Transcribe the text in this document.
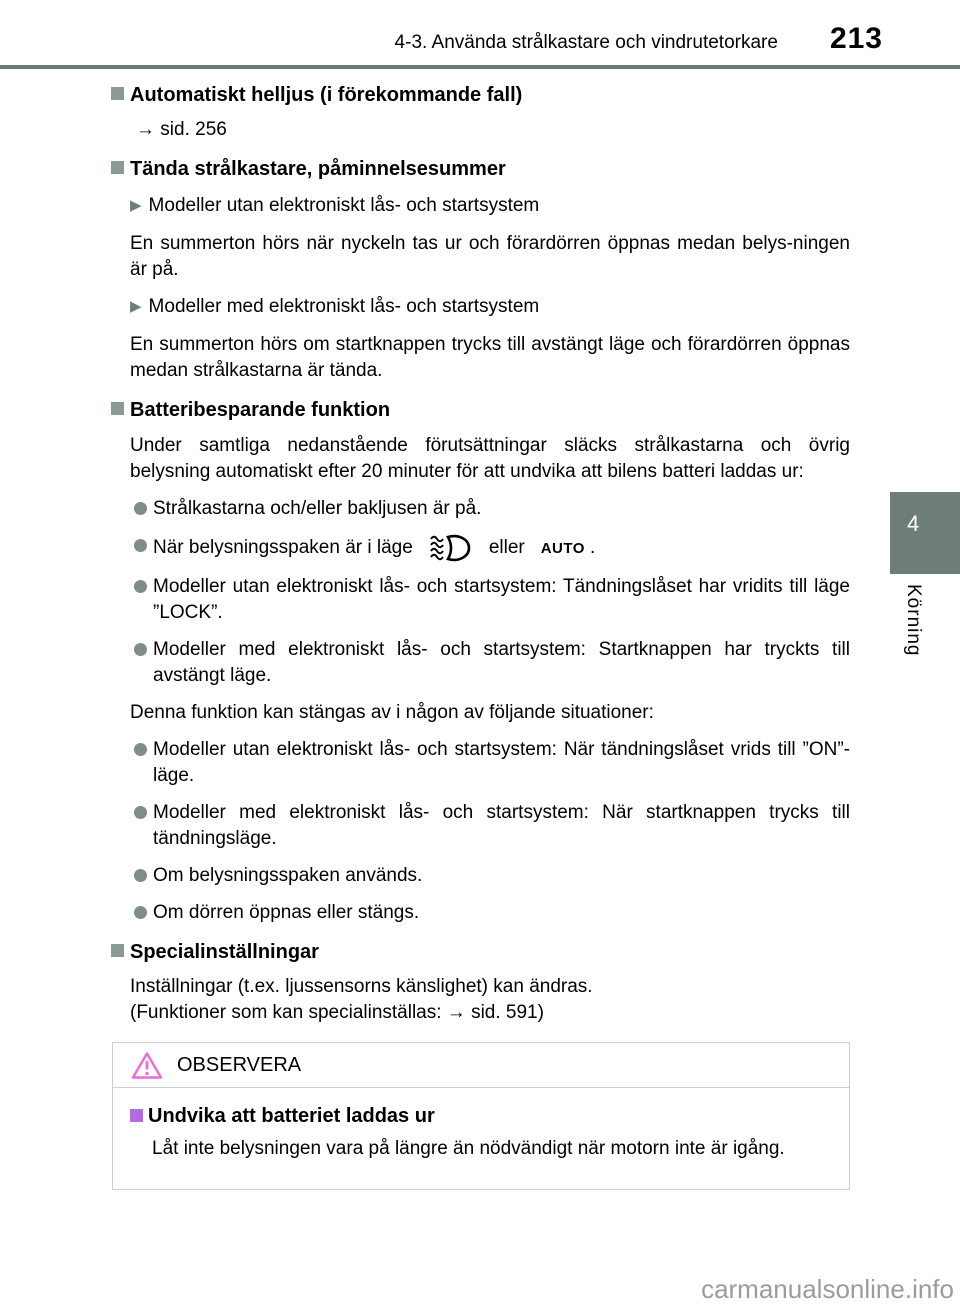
4-3. Använda strålkastare och vindrutetorkare 213
Automatiskt helljus (i förekommande fall)
→ sid. 256
Tända strålkastare, påminnelsesummer
▶ Modeller utan elektroniskt lås- och startsystem

En summerton hörs när nyckeln tas ur och förardörren öppnas medan belys-ningen är på.

▶ Modeller med elektroniskt lås- och startsystem

En summerton hörs om startknappen trycks till avstängt läge och förardörren öppnas medan strålkastarna är tända.

Batteribesparande funktion

Under samtliga nedanstående förutsättningar släcks strålkastarna och övrig belysning automatiskt efter 20 minuter för att undvika att bilens batteri laddas ur:

Strålkastarna och/eller bakljusen är på.
När belysningsspaken är i läge	eller AUTO .
Modeller utan elektroniskt lås- och startsystem: Tändningslåset har vridits till läge ”LOCK”.
Modeller med elektroniskt lås- och startsystem: Startknappen har tryckts till avstängt läge.

Denna funktion kan stängas av i någon av följande situationer:

Modeller utan elektroniskt lås- och startsystem: När tändningslåset vrids till ”ON”-läge.
Modeller med elektroniskt lås- och startsystem: När startknappen trycks till tändningsläge.
Om belysningsspaken används.
Om dörren öppnas eller stängs.
Specialinställningar
Inställningar (t.ex. ljussensorns känslighet) kan ändras.
(Funktioner som kan specialinställas: → sid. 591)
OBSERVERA
Undvika att batteriet laddas ur
Låt inte belysningen vara på längre än nödvändigt när motorn inte är igång.
4
Körning
carmanualsonline.info
